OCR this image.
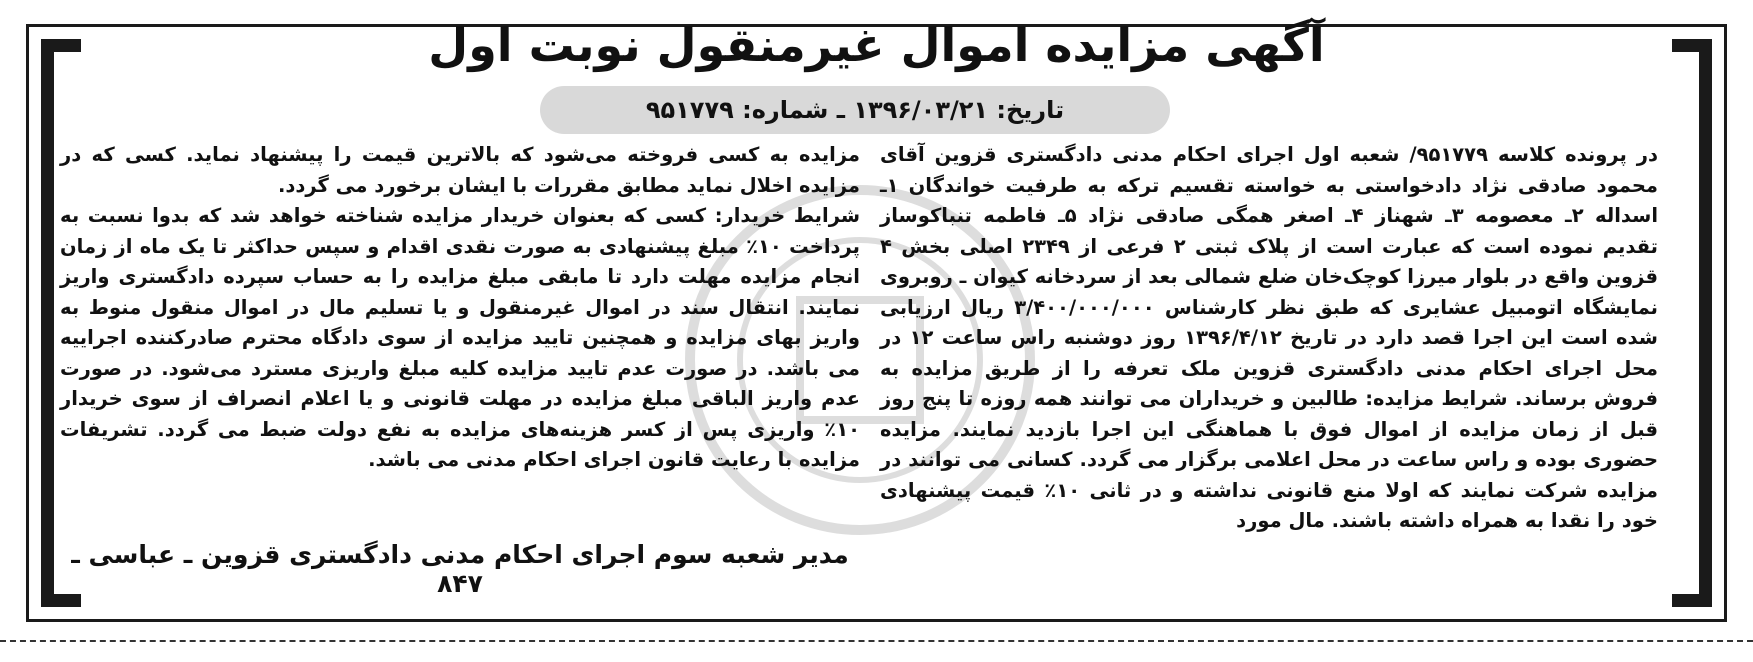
آگهی مزایده اموال غیرمنقول نوبت اول
تاریخ: ۱۳۹۶/۰۳/۲۱ ـ شماره: ۹۵۱۷۷۹

در پرونده کلاسه ۹۵۱۷۷۹/ شعبه اول اجرای احکام مدنی دادگستری قزوین آقای محمود صادقی نژاد دادخواستی به خواسته تقسیم ترکه به طرفیت خواندگان ۱ـ اسداله ۲ـ معصومه ۳ـ شهناز ۴ـ اصغر همگی صادقی نژاد ۵ـ فاطمه تنباکوساز تقدیم نموده است که عبارت است از پلاک ثبتی ۲ فرعی از ۲۳۴۹ اصلی بخش ۴ قزوین واقع در بلوار میرزا کوچک‌خان ضلع شمالی بعد از سردخانه کیوان ـ روبروی نمایشگاه اتومبیل عشایری که طبق نظر کارشناس ۳/۴۰۰/۰۰۰/۰۰۰ ریال ارزیابی شده است این اجرا قصد دارد در تاریخ ۱۳۹۶/۴/۱۲ روز دوشنبه راس ساعت ۱۲ در محل اجرای احکام مدنی دادگستری قزوین ملک تعرفه را از طریق مزایده به فروش برساند. شرایط مزایده: طالبین و خریداران می توانند همه روزه تا پنج روز قبل از زمان مزایده از اموال فوق با هماهنگی این اجرا بازدید نمایند. مزایده حضوری بوده و راس ساعت در محل اعلامی برگزار می گردد. کسانی می توانند در مزایده شرکت نمایند که اولا منع قانونی نداشته و در ثانی ۱۰٪ قیمت پیشنهادی خود را نقدا به همراه داشته باشند. مال مورد

مزایده به کسی فروخته می‌شود که بالاترین قیمت را پیشنهاد نماید. کسی که در مزایده اخلال نماید مطابق مقررات با ایشان برخورد می گردد.

شرایط خریدار: کسی که بعنوان خریدار مزایده شناخته خواهد شد که بدوا نسبت به پرداخت ۱۰٪ مبلغ پیشنهادی به صورت نقدی اقدام و سپس حداکثر تا یک ماه از زمان انجام مزایده مهلت دارد تا مابقی مبلغ مزایده را به حساب سپرده دادگستری واریز نمایند. انتقال سند در اموال غیرمنقول و یا تسلیم مال در اموال منقول منوط به واریز بهای مزایده و همچنین تایید مزایده از سوی دادگاه محترم صادرکننده اجراییه می باشد. در صورت عدم تایید مزایده کلیه مبلغ واریزی مسترد می‌شود. در صورت عدم واریز الباقی مبلغ مزایده در مهلت قانونی و یا اعلام انصراف از سوی خریدار ۱۰٪ واریزی پس از کسر هزینه‌های مزایده به نفع دولت ضبط می گردد. تشریفات مزایده با رعایت قانون اجرای احکام مدنی می باشد.

مدیر شعبه سوم اجرای احکام مدنی دادگستری قزوین ـ عباسی ـ ۸۴۷
